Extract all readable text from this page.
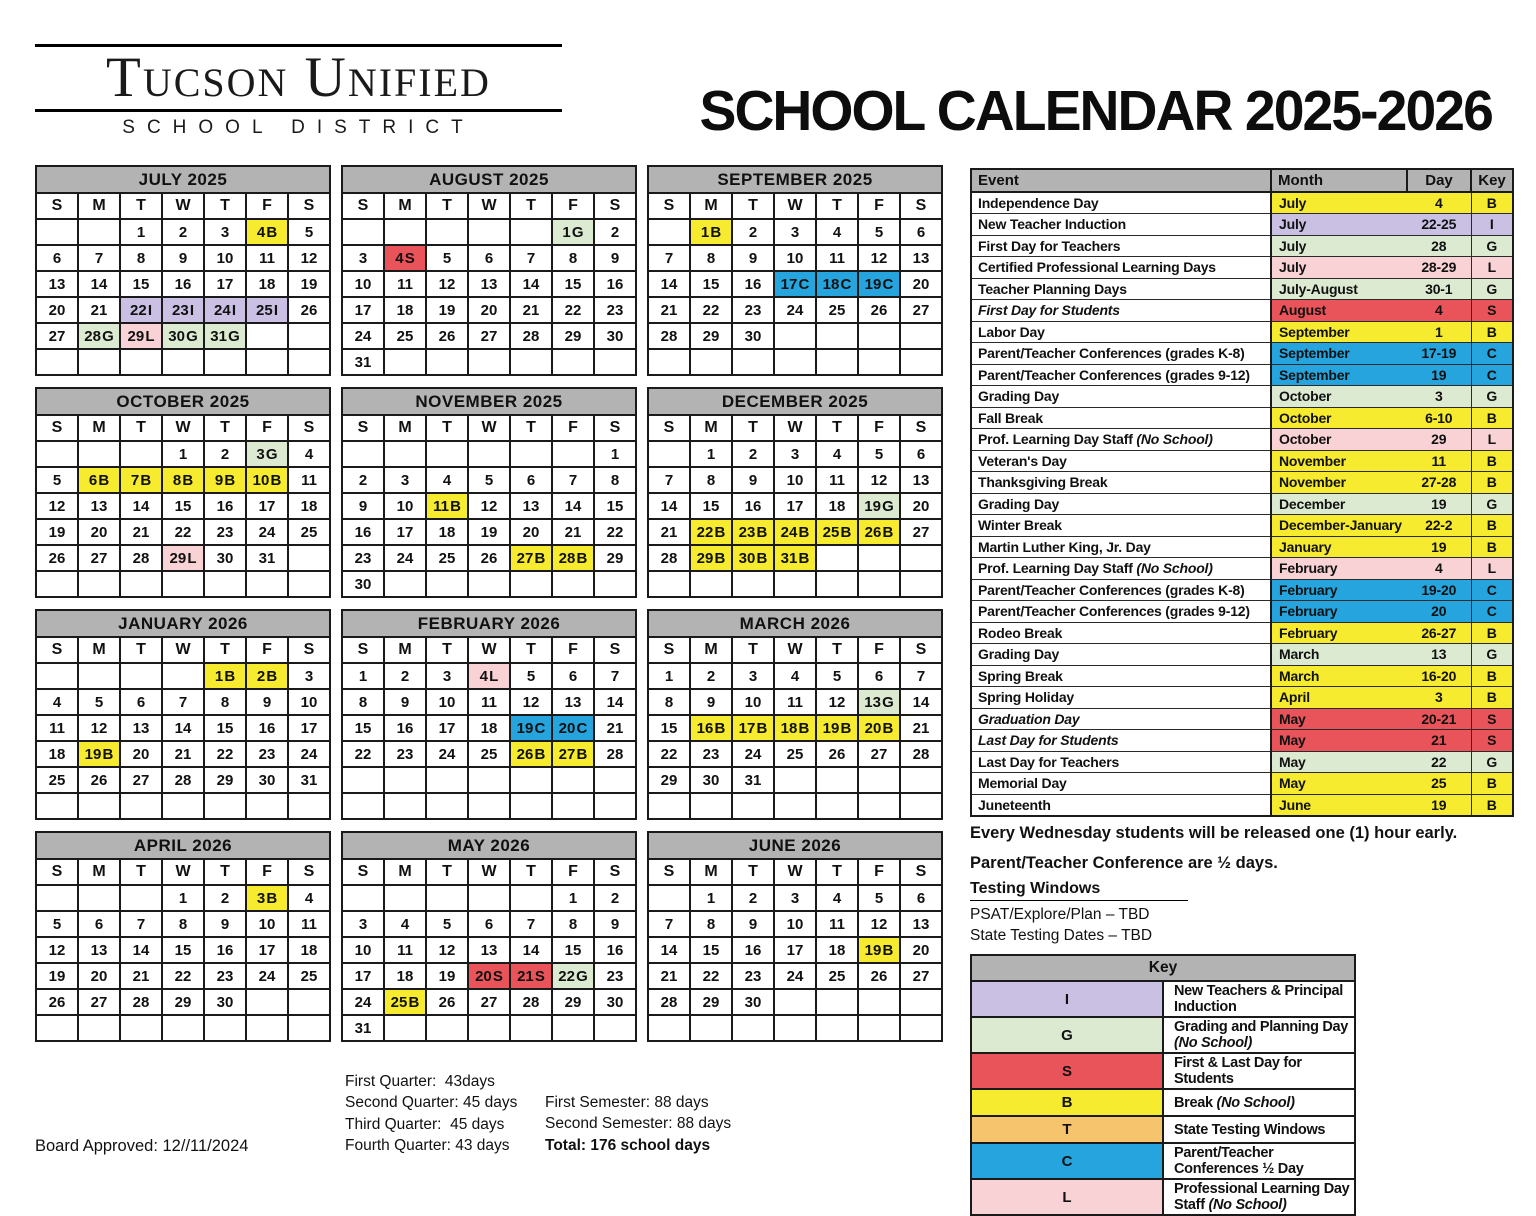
Tucson Unified
SCHOOL DISTRICT	SCHOOL CALENDAR 2025-2026
JULY 2025						
S	M	T	W	T	F	S
		1	2	3	4 B	5
6	7	8	9	10	11	12
13	14	15	16	17	18	19
20	21	22 I	23 I	24 I	25 I	26
27	28 G	29 L	30 G	31 G		

AUGUST 2025						
S	M	T	W	T	F	S
					1 G	2
3	4 S	5	6	7	8	9
10	11	12	13	14	15	16
17	18	19	20	21	22	23
24	25	26	27	28	29	30
31						
SEPTEMBER 2025						
S	M	T	W	T	F	S
	1 B	2	3	4	5	6
7	8	9	10	11	12	13
14	15	16	17 C	18 C	19 C	20
21	22	23	24	25	26	27
28	29	30				

OCTOBER 2025						
S	M	T	W	T	F	S
			1	2	3 G	4
5	6 B	7 B	8 B	9 B	10 B	11
12	13	14	15	16	17	18
19	20	21	22	23	24	25
26	27	28	29 L	30	31	

NOVEMBER 2025						
S	M	T	W	T	F	S
						1
2	3	4	5	6	7	8
9	10	11 B	12	13	14	15
16	17	18	19	20	21	22
23	24	25	26	27 B	28 B	29
30						
DECEMBER 2025						
S	M	T	W	T	F	S
	1	2	3	4	5	6
7	8	9	10	11	12	13
14	15	16	17	18	19 G	20
21	22 B	23 B	24 B	25 B	26 B	27
28	29 B	30 B	31 B			

JANUARY 2026						
S	M	T	W	T	F	S
				1 B	2 B	3
4	5	6	7	8	9	10
11	12	13	14	15	16	17
18	19 B	20	21	22	23	24
25	26	27	28	29	30	31

FEBRUARY 2026						
S	M	T	W	T	F	S
1	2	3	4 L	5	6	7
8	9	10	11	12	13	14
15	16	17	18	19 C	20 C	21
22	23	24	25	26 B	27 B	28

MARCH 2026						
S	M	T	W	T	F	S
1	2	3	4	5	6	7
8	9	10	11	12	13 G	14
15	16 B	17 B	18 B	19 B	20 B	21
22	23	24	25	26	27	28
29	30	31				

APRIL 2026						
S	M	T	W	T	F	S
			1	2	3 B	4
5	6	7	8	9	10	11
12	13	14	15	16	17	18
19	20	21	22	23	24	25
26	27	28	29	30		

MAY 2026						
S	M	T	W	T	F	S
					1	2
3	4	5	6	7	8	9
10	11	12	13	14	15	16
17	18	19	20 S	21 S	22 G	23
24	25 B	26	27	28	29	30
31						
JUNE 2026						
S	M	T	W	T	F	S
	1	2	3	4	5	6
7	8	9	10	11	12	13
14	15	16	17	18	19 B	20
21	22	23	24	25	26	27
28	29	30				

Event	Month	Day	Key
Independence Day	July	4	B
New Teacher Induction	July	22-25	I
First Day for Teachers	July	28	G
Certified Professional Learning Days	July	28-29	L
Teacher Planning Days	July-August	30-1	G
First Day for Students	August	4	S
Labor Day	September	1	B
Parent/Teacher Conferences (grades K-8)	September	17-19	C
Parent/Teacher Conferences (grades 9-12)	September	19	C
Grading Day	October	3	G
Fall Break	October	6-10	B
Prof. Learning Day Staff (No School)	October	29	L
Veteran's Day	November	11	B
Thanksgiving Break	November	27-28	B
Grading Day	December	19	G
Winter Break	December-January	22-2	B
Martin Luther King, Jr. Day	January	19	B
Prof. Learning Day Staff (No School)	February	4	L
Parent/Teacher Conferences (grades K-8)	February	19-20	C
Parent/Teacher Conferences (grades 9-12)	February	20	C
Rodeo Break	February	26-27	B
Grading Day	March	13	G
Spring Break	March	16-20	B
Spring Holiday	April	3	B
Graduation Day	May	20-21	S
Last Day for Students	May	21	S
Last Day for Teachers	May	22	G
Memorial Day	May	25	B
Juneteenth	June	19	B
Every Wednesday students will be released one (1) hour early.
Parent/Teacher Conference are ½ days.
Testing Windows
PSAT/Explore/Plan – TBD
State Testing Dates – TBD
Key	
I	New Teachers & Principal Induction
G	Grading and Planning Day (No School)
S	First & Last Day for Students
B	Break (No School)
T	State Testing Windows
C	Parent/Teacher Conferences ½ Day
L	Professional Learning Day Staff (No School)
Board Approved: 12//11/2024
First Quarter:  43days
Second Quarter: 45 days
Third Quarter:  45 days
Fourth Quarter: 43 days
First Semester: 88 days
Second Semester: 88 days
Total: 176 school days
